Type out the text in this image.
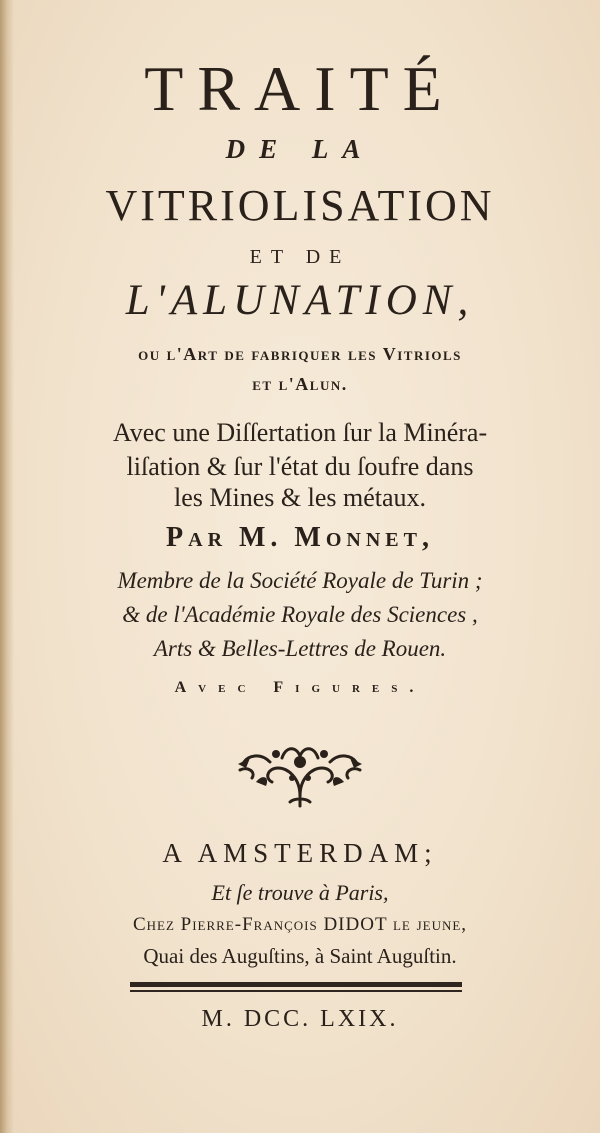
TRAITÉ
DE LA
VITRIOLISATION
ET DE
L'ALUNATION,
ou l'Art de fabriquer les Vitriols
et l'Alun.
Avec une Diſſertation ſur la Minéra-
liſation & ſur l'état du ſoufre dans
les Mines & les métaux.
Par M. Monnet,
Membre de la Société Royale de Turin ;
& de l'Académie Royale des Sciences ,
Arts & Belles-Lettres de Rouen.
Avec Figures.
A AMSTERDAM;
Et ſe trouve à Paris,
Chez Pierre-François DIDOT le jeune,
Quai des Auguſtins, à Saint Auguſtin.
M. DCC. LXIX.
